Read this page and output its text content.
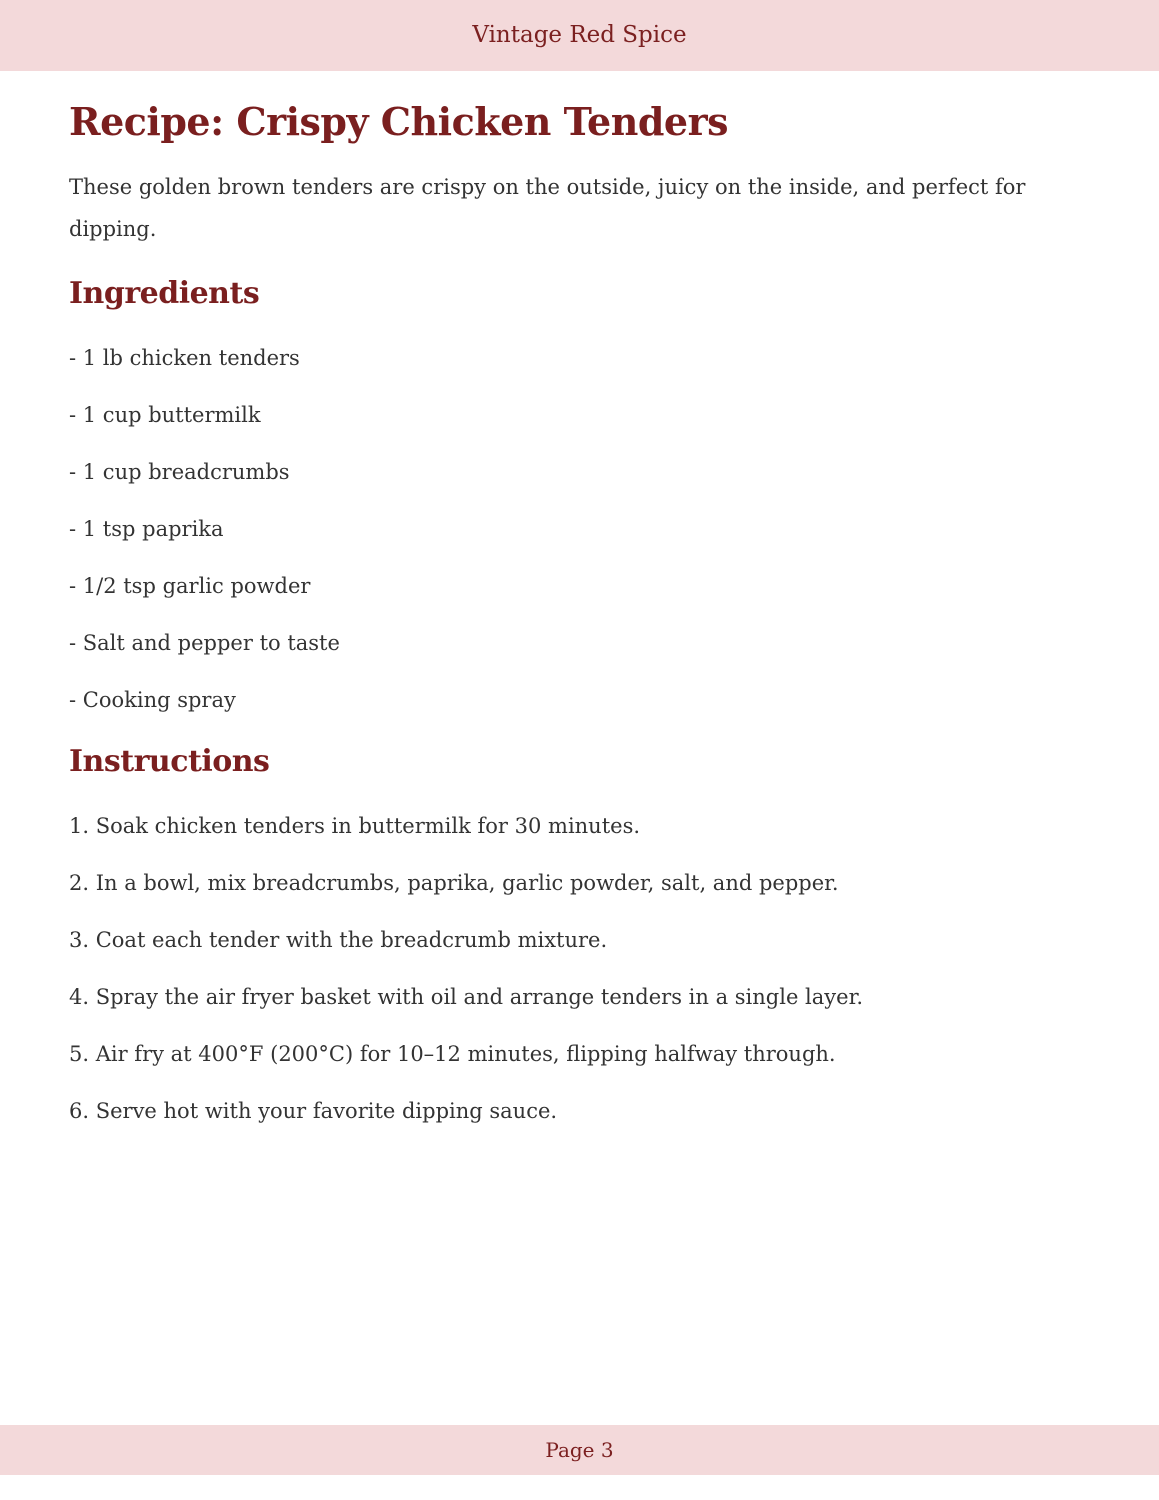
Vintage Red Spice
Recipe: Crispy Chicken Tenders

These golden brown tenders are crispy on the outside, juicy on the inside, and perfect for dipping.

Ingredients
- 1 lb chicken tenders
- 1 cup buttermilk
- 1 cup breadcrumbs
- 1 tsp paprika
- 1/2 tsp garlic powder
- Salt and pepper to taste
- Cooking spray
Instructions
1. Soak chicken tenders in buttermilk for 30 minutes.
2. In a bowl, mix breadcrumbs, paprika, garlic powder, salt, and pepper.
3. Coat each tender with the breadcrumb mixture.
4. Spray the air fryer basket with oil and arrange tenders in a single layer.
5. Air fry at 400°F (200°C) for 10–12 minutes, flipping halfway through.
6. Serve hot with your favorite dipping sauce.
Page 3
